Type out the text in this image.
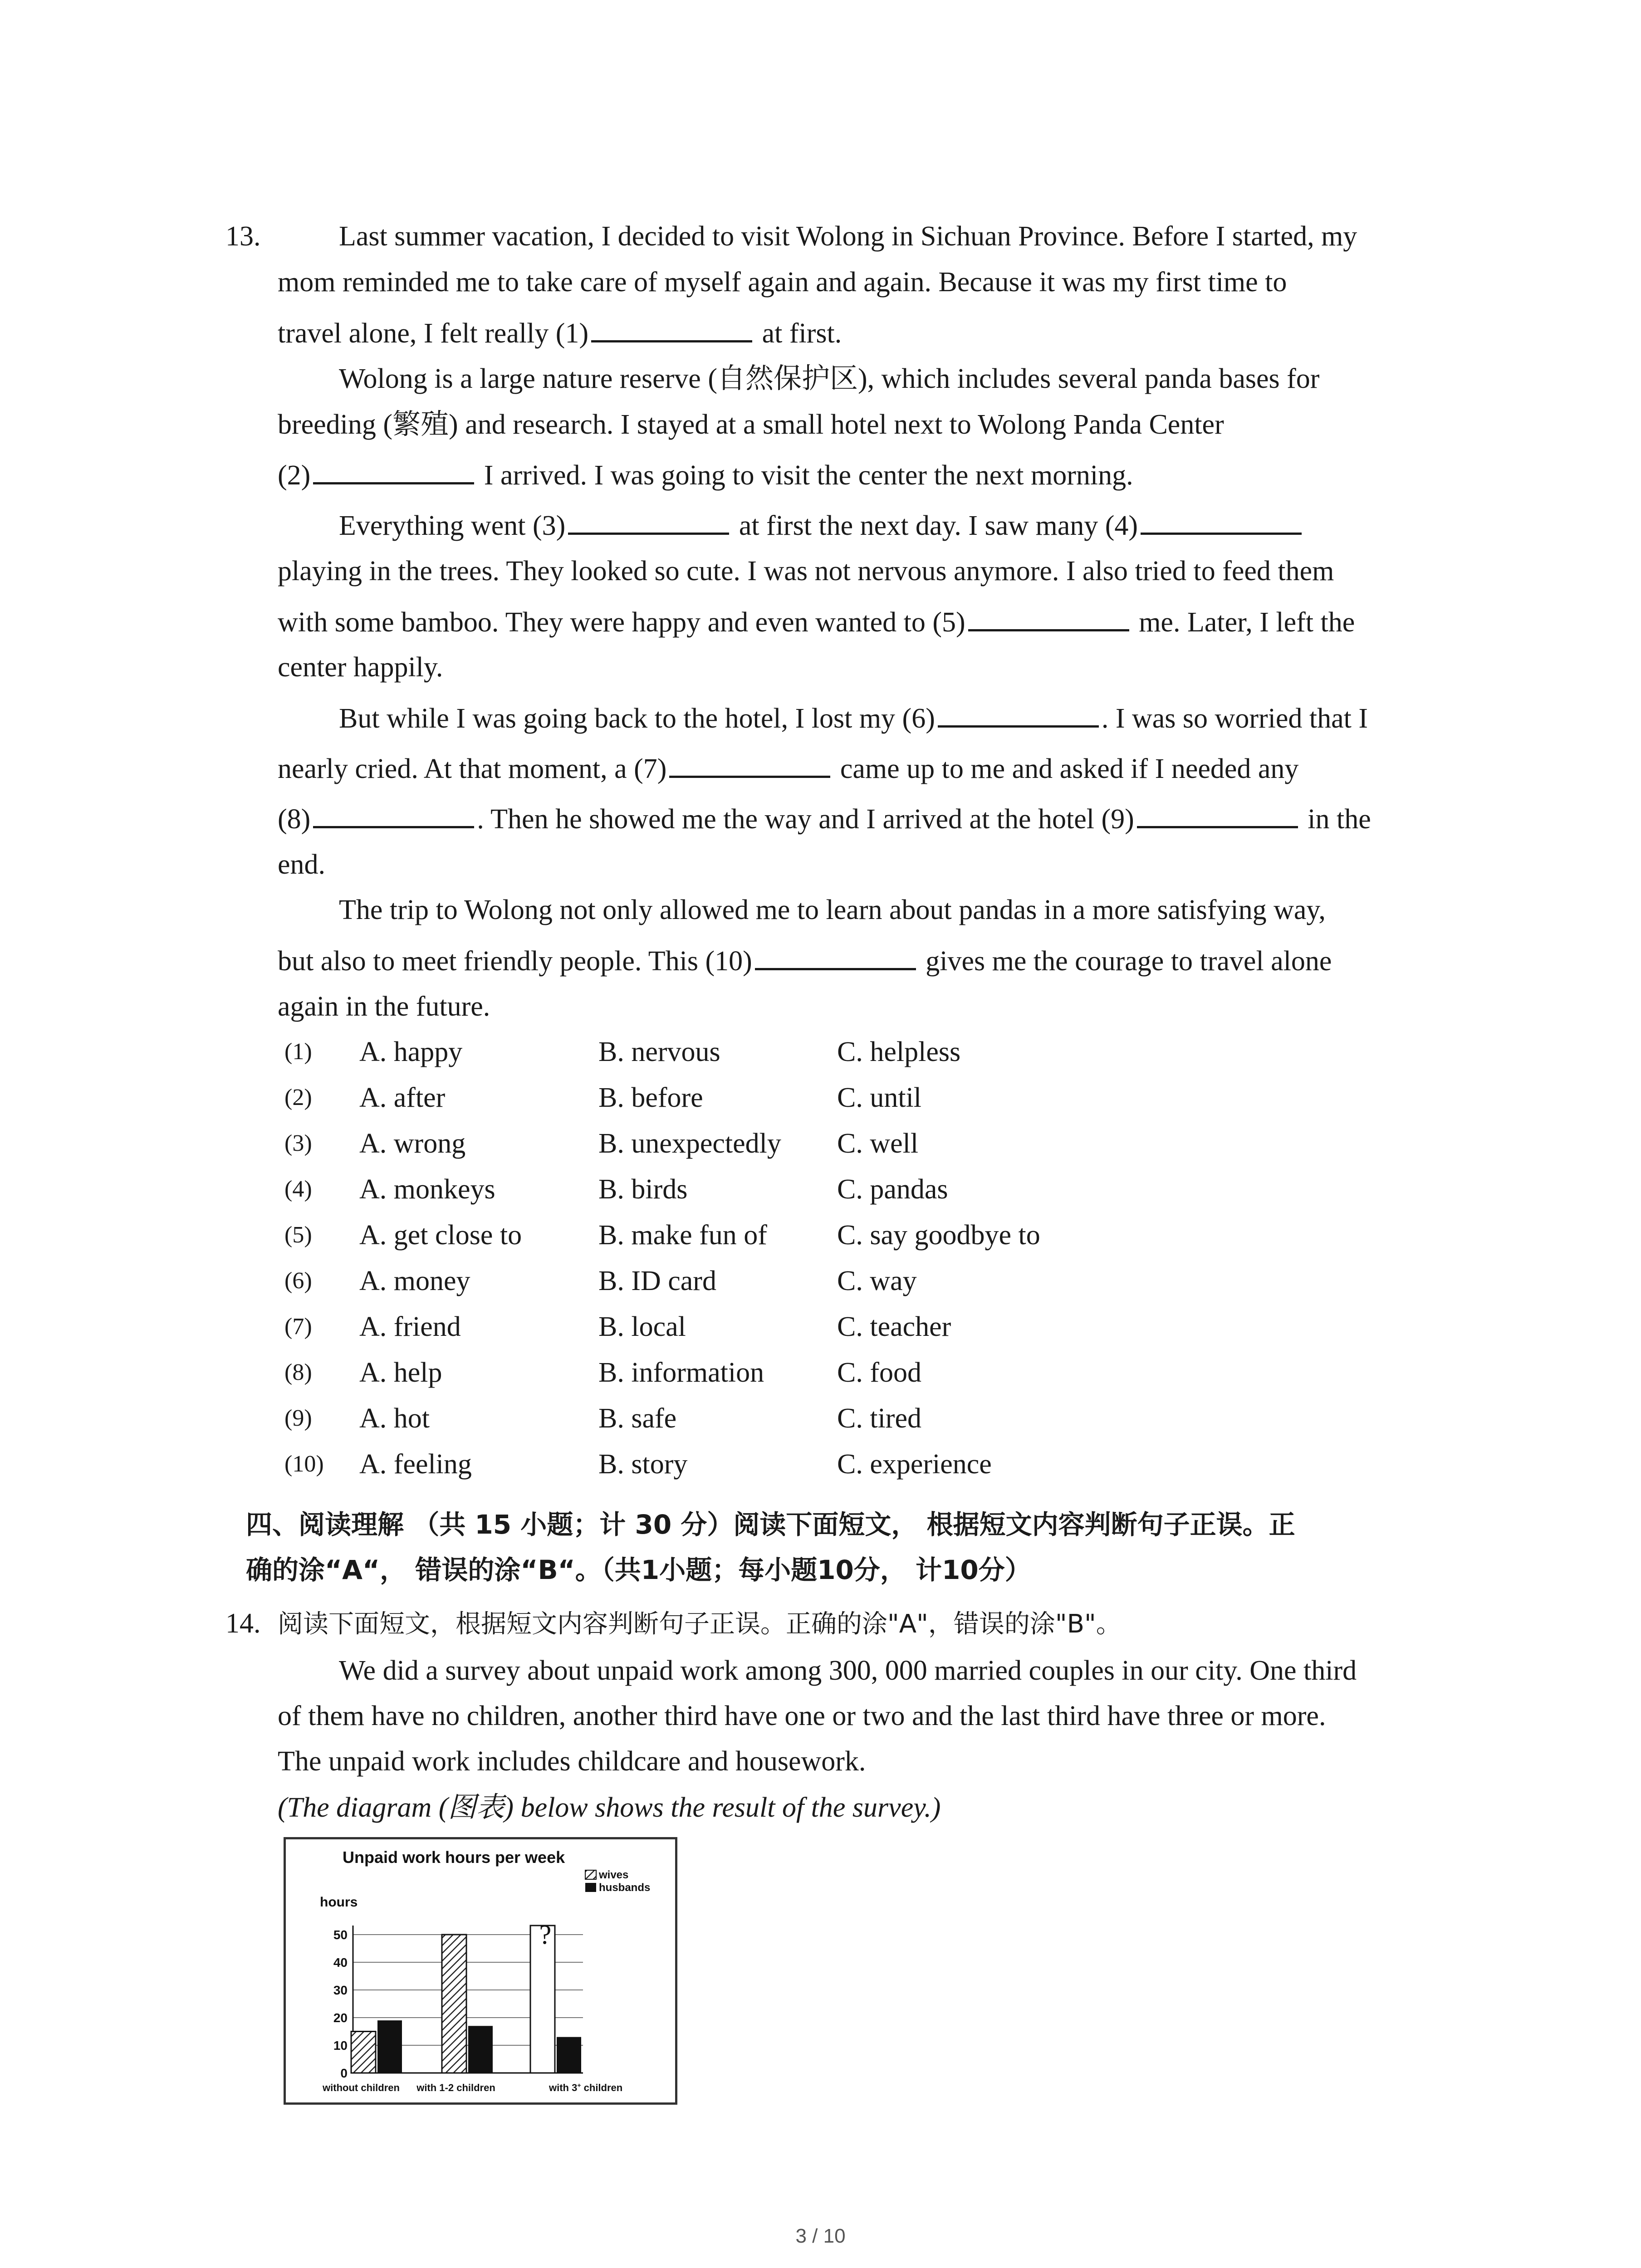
13.	Last summer vacation, I decided to visit Wolong in Sichuan Province. Before I started, my
mom reminded me to take care of myself again and again. Because it was my first time to
travel alone, I felt really (1)	at first.
Wolong is a large nature reserve (自然保护区), which includes several panda bases for
breeding (繁殖) and research. I stayed at a small hotel next to Wolong Panda Center
(2)	I arrived. I was going to visit the center the next morning.
Everything went (3)	at first the next day. I saw many (4)
playing in the trees. They looked so cute. I was not nervous anymore. I also tried to feed them
with some bamboo. They were happy and even wanted to (5)	me. Later, I left the
center happily.
But while I was going back to the hotel, I lost my (6)	. I was so worried that I
nearly cried. At that moment, a (7)	came up to me and asked if I needed any
(8)	. Then he showed me the way and I arrived at the hotel (9)	in the
end.
The trip to Wolong not only allowed me to learn about pandas in a more satisfying way,
but also to meet friendly people. This (10)	gives me the courage to travel alone
again in the future.
(1) A. happy	B. nervous	C. helpless
(2) A. after	B. before	C. until
(3) A. wrong	B. unexpectedly C. well
(4) A. monkeys	B. birds	C. pandas
(5) A. get close to	B. make fun of C. say goodbye to
(6) A. money	B. ID card	C. way
(7) A. friend	B. local	C. teacher
(8) A. help	B. information	C. food
(9) A. hot	B. safe	C. tired
(10) A. feeling	B. story	C. experience
四、阅读理解 （共 15 小题；计 30 分）阅读下面短文， 根据短文内容判断句子正误。正
确的涂“A“， 错误的涂“B“。（共1小题；每小题10分， 计10分）
14. 阅读下面短文，根据短文内容判断句子正误。正确的涂"A"，错误的涂"B"。
We did a survey about unpaid work among 300, 000 married couples in our city. One third
of them have no children, another third have one or two and the last third have three or more.
The unpaid work includes childcare and housework.
(The diagram (图表) below shows the result of the survey.)
Unpaid work hours per week
hours
wives
husbands
0
10
20
30
40
50	?
without children with 1-2 children	with 3+ children
3 / 10
